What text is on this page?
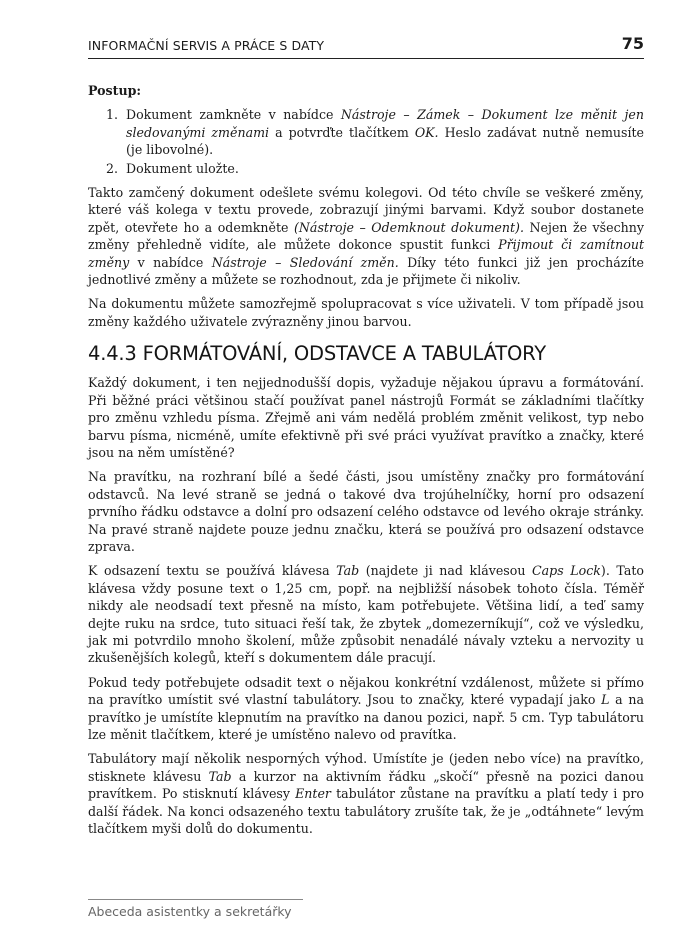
INFORMAČNÍ SERVIS A PRÁCE S DATY	75

Postup:

1. Dokument zamkněte v nabídce Nástroje – Zámek – Dokument lze měnit jen sledovanými změnami a potvrďte tlačítkem OK. Heslo zadávat nutně nemusíte (je libovolné).
2. Dokument uložte.

Takto zamčený dokument odešlete svému kolegovi. Od této chvíle se veškeré změny, které váš kolega v textu provede, zobrazují jinými barvami. Když soubor dostanete zpět, otevřete ho a odemkněte (Nástroje – Odemknout dokument). Nejen že všechny změny přehledně vidíte, ale můžete dokonce spustit funkci Přijmout či zamítnout změny v nabídce Nástroje – Sledování změn. Díky této funkci již jen procházíte jednotlivé změny a můžete se rozhodnout, zda je přijmete či nikoliv.

Na dokumentu můžete samozřejmě spolupracovat s více uživateli. V tom případě jsou změny každého uživatele zvýrazněny jinou barvou.

4.4.3 FORMÁTOVÁNÍ, ODSTAVCE A TABULÁTORY

Každý dokument, i ten nejjednodušší dopis, vyžaduje nějakou úpravu a formátování. Při běžné práci většinou stačí používat panel nástrojů Formát se základními tlačítky pro změnu vzhledu písma. Zřejmě ani vám nedělá problém změnit velikost, typ nebo barvu písma, nicméně, umíte efektivně při své práci využívat pravítko a značky, které jsou na něm umístěné?

Na pravítku, na rozhraní bílé a šedé části, jsou umístěny značky pro formátování odstavců. Na levé straně se jedná o takové dva trojúhelníčky, horní pro odsazení prvního řádku odstavce a dolní pro odsazení celého odstavce od levého okraje stránky. Na pravé straně najdete pouze jednu značku, která se používá pro odsazení odstavce zprava.

K odsazení textu se používá klávesa Tab (najdete ji nad klávesou Caps Lock). Tato klávesa vždy posune text o 1,25 cm, popř. na nejbližší násobek tohoto čísla. Téměř nikdy ale neodsadí text přesně na místo, kam potřebujete. Většina lidí, a teď samy dejte ruku na srdce, tuto situaci řeší tak, že zbytek „domezerníkují“, což ve výsledku, jak mi potvrdilo mnoho školení, může způsobit nenadálé návaly vzteku a nervozity u zkušenějších kolegů, kteří s dokumentem dále pracují.

Pokud tedy potřebujete odsadit text o nějakou konkrétní vzdálenost, můžete si přímo na pravítko umístit své vlastní tabulátory. Jsou to značky, které vypadají jako L a na pravítko je umístíte klepnutím na pravítko na danou pozici, např. 5 cm. Typ tabulátoru lze měnit tlačítkem, které je umístěno nalevo od pravítka.

Tabulátory mají několik nesporných výhod. Umístíte je (jeden nebo více) na pravítko, stisknete klávesu Tab a kurzor na aktivním řádku „skočí“ přesně na pozici danou pravítkem. Po stisknutí klávesy Enter tabulátor zůstane na pravítku a platí tedy i pro další řádek. Na konci odsazeného textu tabulátory zrušíte tak, že je „odtáhnete“ levým tlačítkem myši dolů do dokumentu.

Abeceda asistentky a sekretářky
